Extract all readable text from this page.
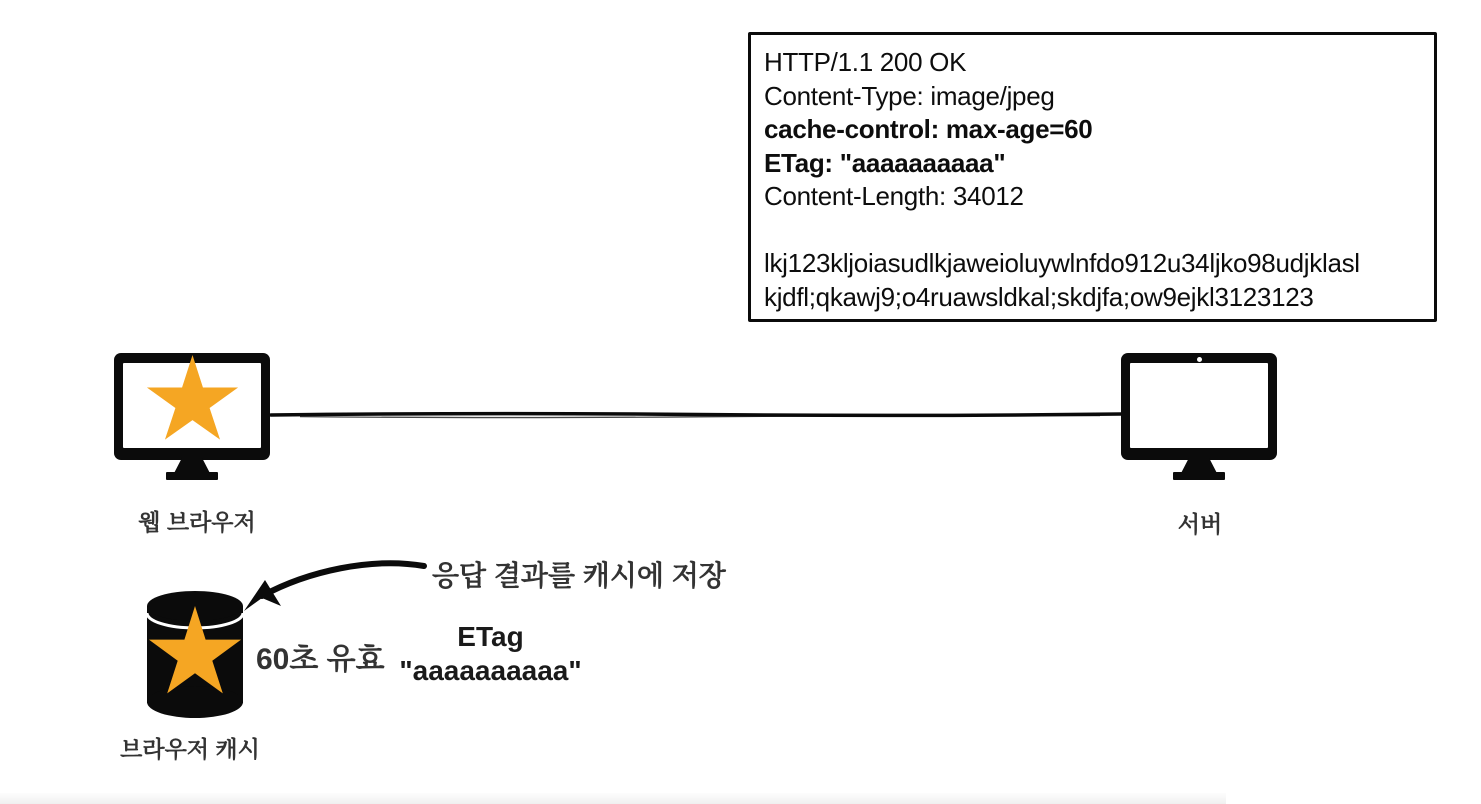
HTTP/1.1 200 OK
Content-Type: image/jpeg
cache-control: max-age=60
ETag: "aaaaaaaaaa"
Content-Length: 34012
lkj123kljoiasudlkjaweioluywlnfdo912u34ljko98udjklasl
kjdfl;qkawj9;o4ruawsldkal;skdjfa;ow9ejkl3123123
웹 브라우저	서버
브라우저 캐시
응답 결과를 캐시에 저장
60초 유효
ETag
"aaaaaaaaaa"
